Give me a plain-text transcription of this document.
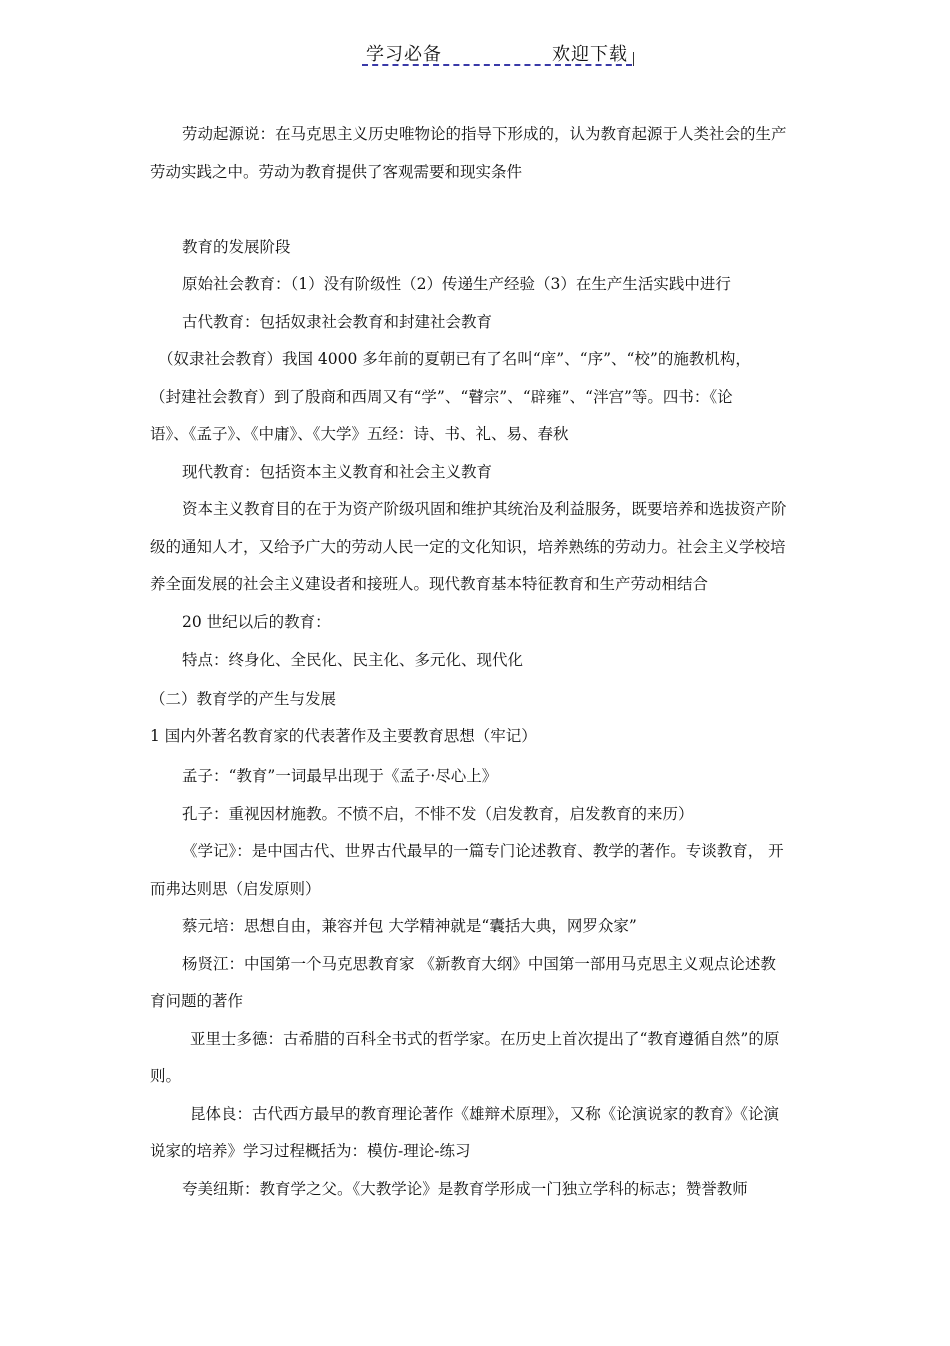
学习必备	欢迎下载
劳动起源说：在马克思主义历史唯物论的指导下形成的，认为教育起源于人类社会的生产
劳动实践之中。劳动为教育提供了客观需要和现实条件
教育的发展阶段
原始社会教育：（1）没有阶级性（2）传递生产经验（3）在生产生活实践中进行
古代教育：包括奴隶社会教育和封建社会教育
（奴隶社会教育）我国 4000 多年前的夏朝已有了名叫“庠”、“序”、“校”的施教机构，
（封建社会教育）到了殷商和西周又有“学”、“瞽宗”、“辟雍”、“泮宫”等。四书：《论
语》、《孟子》、《中庸》、《大学》五经：诗、书、礼、易、春秋
现代教育：包括资本主义教育和社会主义教育
资本主义教育目的在于为资产阶级巩固和维护其统治及利益服务，既要培养和选拔资产阶
级的通知人才，又给予广大的劳动人民一定的文化知识，培养熟练的劳动力。社会主义学校培
养全面发展的社会主义建设者和接班人。现代教育基本特征教育和生产劳动相结合
20 世纪以后的教育：
特点：终身化、全民化、民主化、多元化、现代化
（二）教育学的产生与发展
1 国内外著名教育家的代表著作及主要教育思想（牢记）
孟子：“教育”一词最早出现于《孟子·尽心上》
孔子：重视因材施教。不愤不启，不悱不发（启发教育，启发教育的来历）
《学记》：是中国古代、世界古代最早的一篇专门论述教育、教学的著作。专谈教育， 开
而弗达则思（启发原则）
蔡元培：思想自由，兼容并包 大学精神就是“囊括大典，网罗众家”
杨贤江：中国第一个马克思教育家 《新教育大纲》中国第一部用马克思主义观点论述教
育问题的著作
亚里士多德：古希腊的百科全书式的哲学家。在历史上首次提出了“教育遵循自然”的原
则。
昆体良：古代西方最早的教育理论著作《雄辩术原理》，又称《论演说家的教育》《论演
说家的培养》学习过程概括为：模仿-理论-练习
夸美纽斯：教育学之父。《大教学论》是教育学形成一门独立学科的标志；赞誉教师
